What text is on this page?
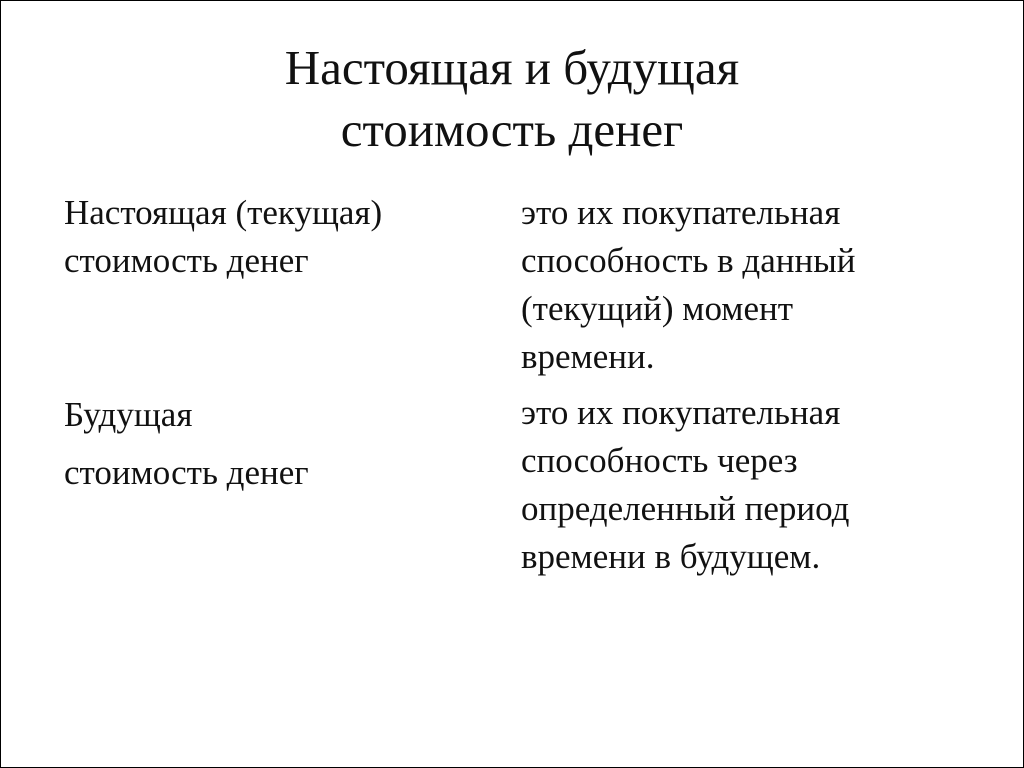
Настоящая и будущая
стоимость денег
Настоящая (текущая)
стоимость денег
это их покупательная
способность в данный
(текущий) момент
времени.
Будущая
стоимость денег
это их покупательная
способность через
определенный период
времени в будущем.
